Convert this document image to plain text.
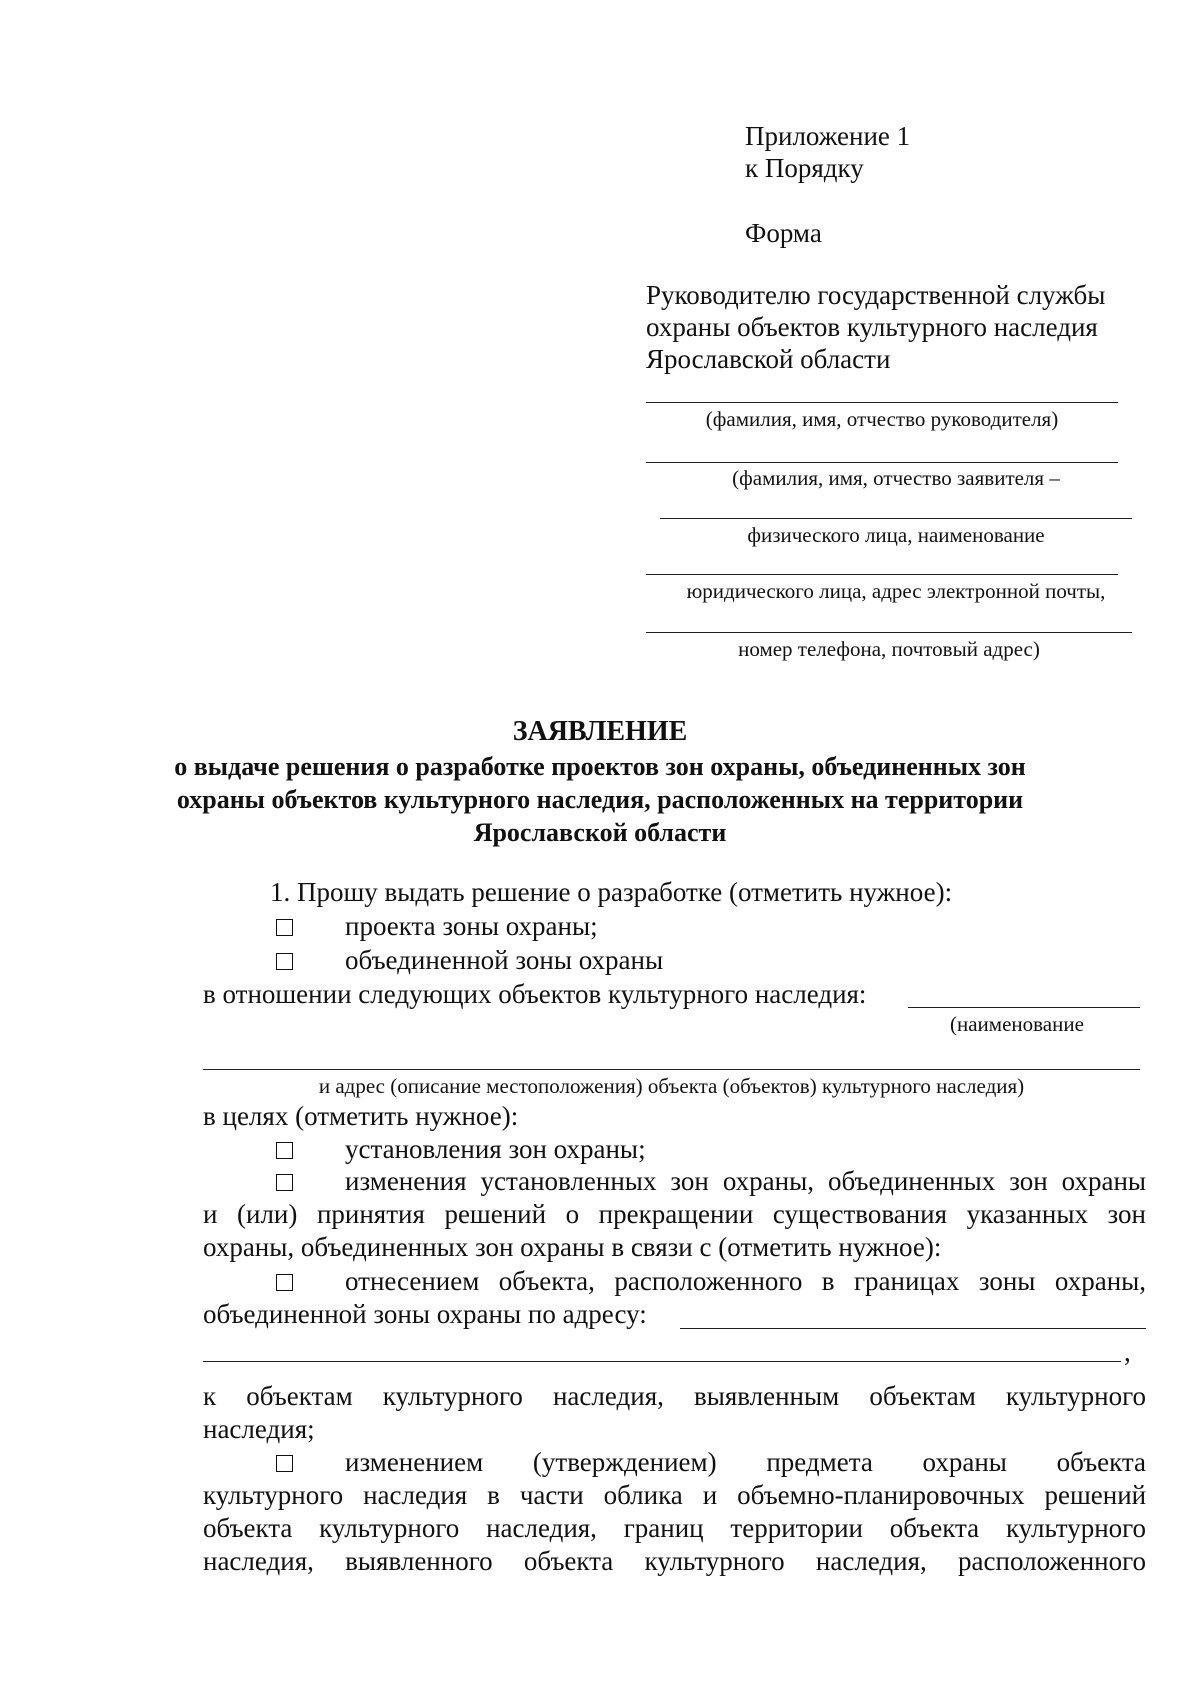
Приложение 1
к Порядку
Форма
Руководителю государственной службы
охраны объектов культурного наследия
Ярославской области
(фамилия, имя, отчество руководителя)
(фамилия, имя, отчество заявителя –
физического лица, наименование
юридического лица, адрес электронной почты,
номер телефона, почтовый адрес)
ЗАЯВЛЕНИЕ
о выдаче решения о разработке проектов зон охраны, объединенных зон
охраны объектов культурного наследия, расположенных на территории
Ярославской области
1. Прошу выдать решение о разработке (отметить нужное):
проекта зоны охраны;
объединенной зоны охраны
в отношении следующих объектов культурного наследия:
(наименование
и адрес (описание местоположения) объекта (объектов) культурного наследия)
в целях (отметить нужное):
установления зон охраны;
изменения установленных зон охраны, объединенных зон охраны
и (или) принятия решений о прекращении существования указанных зон
охраны, объединенных зон охраны в связи с (отметить нужное):
отнесением объекта, расположенного в границах зоны охраны,
объединенной зоны охраны по адресу:
,
к объектам культурного наследия, выявленным объектам культурного
наследия;
изменением (утверждением) предмета охраны объекта
культурного наследия в части облика и объемно-планировочных решений
объекта культурного наследия, границ территории объекта культурного
наследия, выявленного объекта культурного наследия, расположенного
